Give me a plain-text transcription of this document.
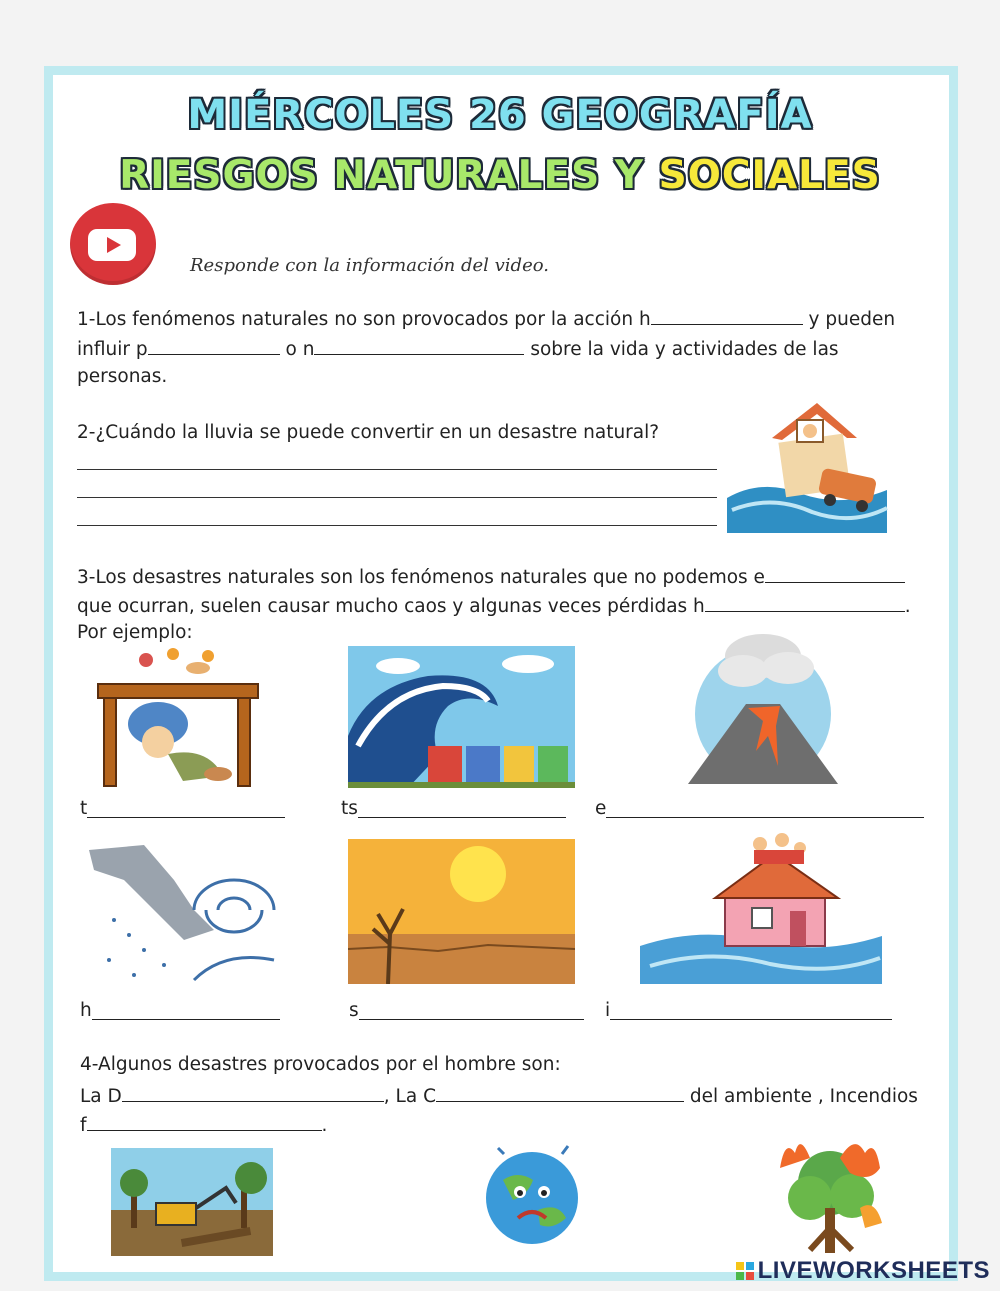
MIÉRCOLES 26 GEOGRAFÍA
RIESGOS NATURALES Y SOCIALES
Responde con la información del video.
1-Los fenómenos naturales no son provocados por la acción h	y pueden
influir p	o n	sobre la vida y actividades de las
personas.
2-¿Cuándo la lluvia se puede convertir en un desastre natural?
3-Los desastres naturales son los fenómenos naturales que no podemos e
que ocurran, suelen causar mucho caos y algunas veces pérdidas h	.
Por ejemplo:
t	ts	e
h	s	i
4-Algunos desastres provocados por el hombre son:
La D	, La C	del ambiente , Incendios
f	.
LIVEWORKSHEETS
